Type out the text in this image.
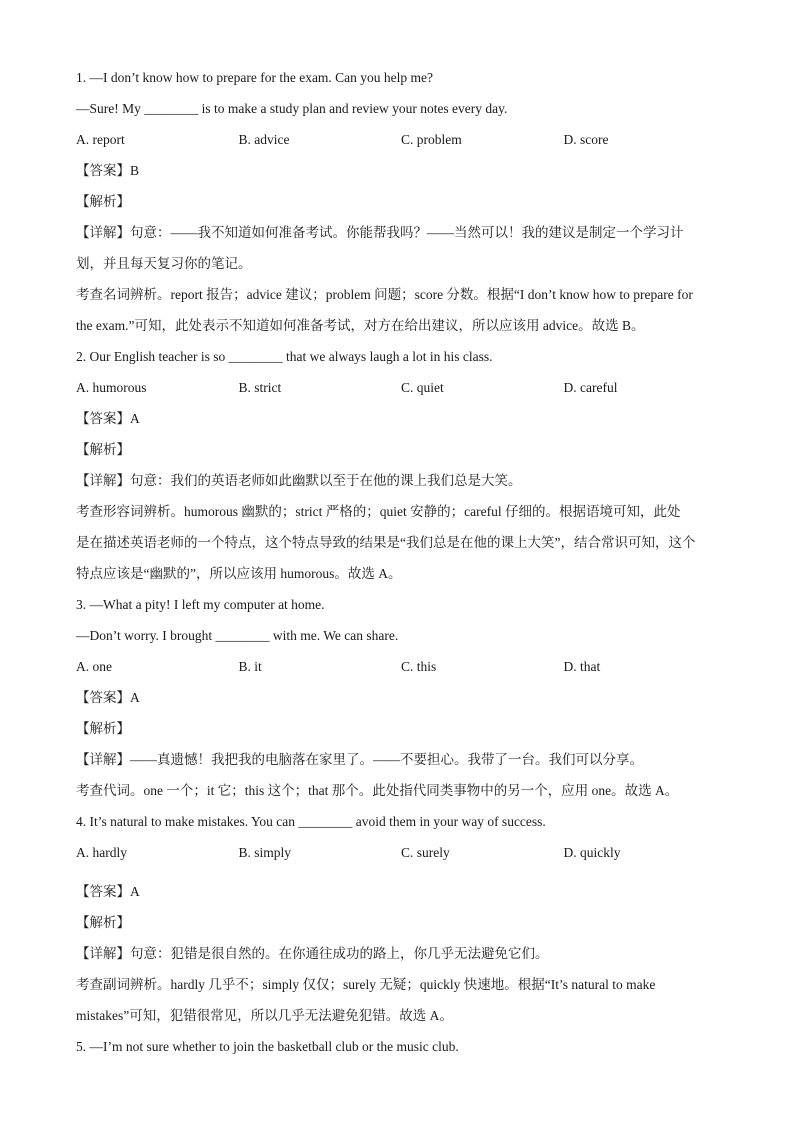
1. —I don’t know how to prepare for the exam. Can you help me?
—Sure! My ________ is to make a study plan and review your notes every day.
A. report	B. advice	C. problem	D. score
【答案】B
【解析】
【详解】句意：——我不知道如何准备考试。你能帮我吗？——当然可以！我的建议是制定一个学习计
划，并且每天复习你的笔记。
考查名词辨析。report 报告；advice 建议；problem 问题；score 分数。根据“I don’t know how to prepare for
the exam.”可知，此处表示不知道如何准备考试，对方在给出建议，所以应该用 advice。故选 B。
2. Our English teacher is so ________ that we always laugh a lot in his class.
A. humorous	B. strict	C. quiet	D. careful
【答案】A
【解析】
【详解】句意：我们的英语老师如此幽默以至于在他的课上我们总是大笑。
考查形容词辨析。humorous 幽默的；strict 严格的；quiet 安静的；careful 仔细的。根据语境可知，此处
是在描述英语老师的一个特点，这个特点导致的结果是“我们总是在他的课上大笑”，结合常识可知，这个
特点应该是“幽默的”，所以应该用 humorous。故选 A。
3. —What a pity! I left my computer at home.
—Don’t worry. I brought ________ with me. We can share.
A. one	B. it	C. this	D. that
【答案】A
【解析】
【详解】——真遗憾！我把我的电脑落在家里了。——不要担心。我带了一台。我们可以分享。
考查代词。one 一个；it 它；this 这个；that 那个。此处指代同类事物中的另一个，应用 one。故选 A。
4. It’s natural to make mistakes. You can ________ avoid them in your way of success.
A. hardly	B. simply	C. surely	D. quickly
【答案】A
【解析】
【详解】句意：犯错是很自然的。在你通往成功的路上，你几乎无法避免它们。
考查副词辨析。hardly 几乎不；simply 仅仅；surely 无疑；quickly 快速地。根据“It’s natural to make
mistakes”可知，犯错很常见，所以几乎无法避免犯错。故选 A。
5. —I’m not sure whether to join the basketball club or the music club.
